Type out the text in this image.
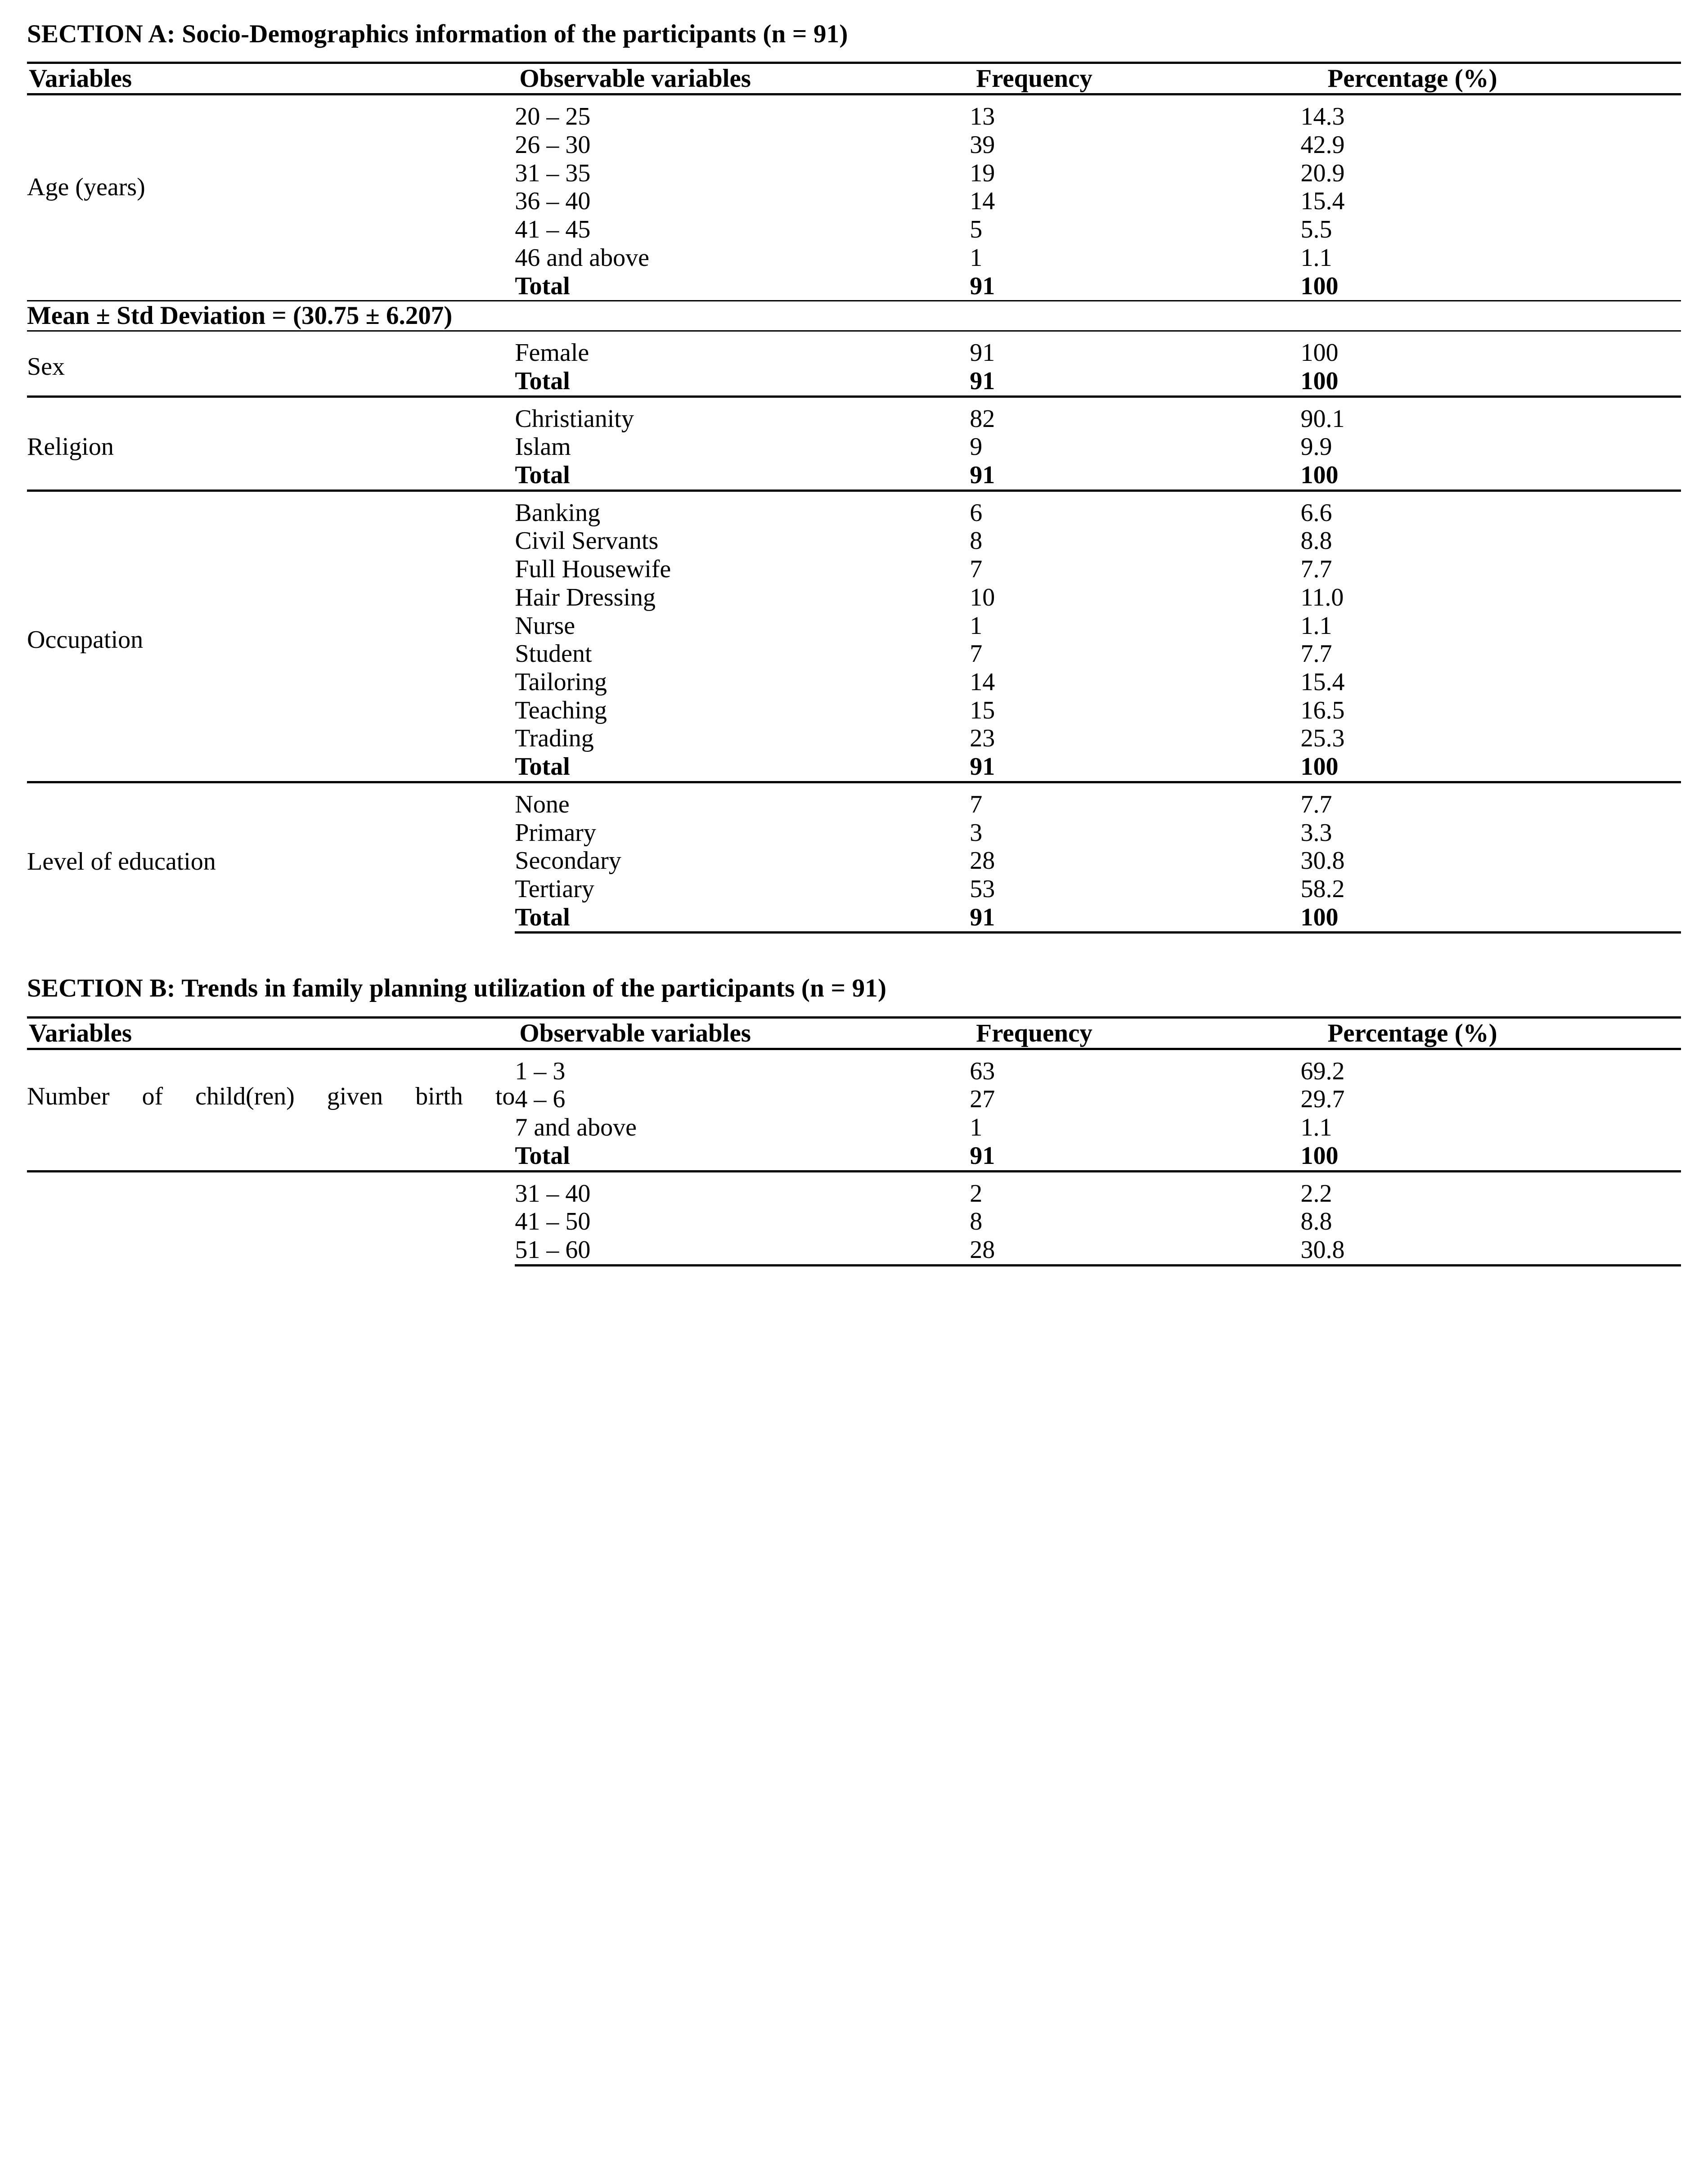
SECTION A: Socio-Demographics information of the participants (n = 91)
Variables	Observable variables	Frequency	Percentage (%)
Age (years)	20 – 25	13	14.3
	26 – 30	39	42.9
	31 – 35	19	20.9
	36 – 40	14	15.4
	41 – 45	5	5.5
	46 and above	1	1.1
	Total	91	100
Mean ± Std Deviation = (30.75 ± 6.207)			
Sex	Female	91	100
	Total	91	100
Religion	Christianity	82	90.1
	Islam	9	9.9
	Total	91	100
Occupation	Banking	6	6.6
	Civil Servants	8	8.8
	Full Housewife	7	7.7
	Hair Dressing	10	11.0
	Nurse	1	1.1
	Student	7	7.7
	Tailoring	14	15.4
	Teaching	15	16.5
	Trading	23	25.3
	Total	91	100
Level of education	None	7	7.7
	Primary	3	3.3
	Secondary	28	30.8
	Tertiary	53	58.2
	Total	91	100
SECTION B: Trends in family planning utilization of the participants (n = 91)
Variables	Observable variables	Frequency	Percentage (%)
Number of child(ren) given birth to	1 – 3	63	69.2
	4 – 6	27	29.7
	7 and above	1	1.1
	Total	91	100
	31 – 40	2	2.2
	41 – 50	8	8.8
	51 – 60	28	30.8
